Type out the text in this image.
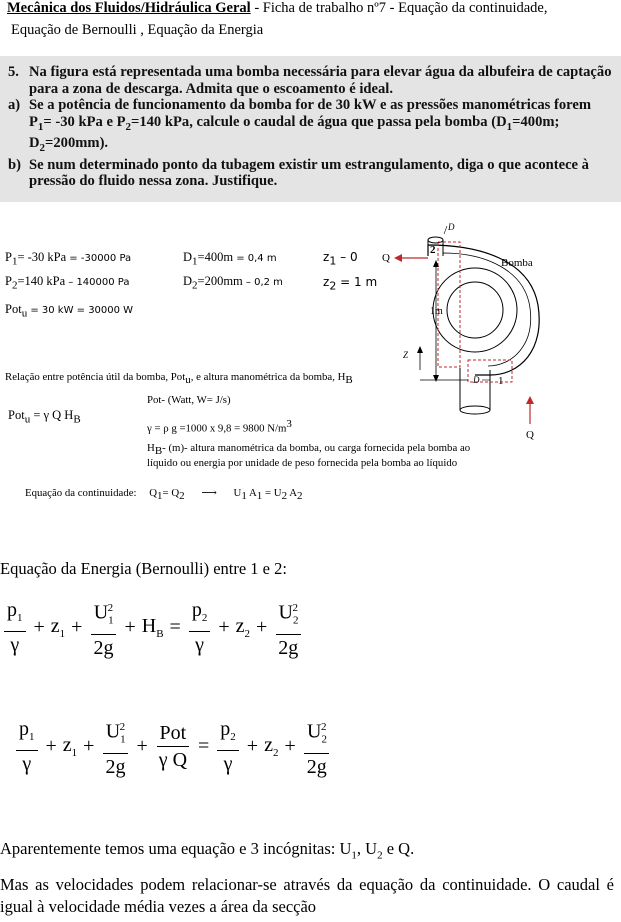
Mecânica dos Fluidos/Hidráulica Geral - Ficha de trabalho nº7 - Equação da continuidade,
Equação de Bernoulli , Equação da Energia
5. Na figura está representada uma bomba necessária para elevar água da albufeira de captação para a zona de descarga. Admita que o escoamento é ideal.
a) Se a potência de funcionamento da bomba for de 30 kW e as pressões manométricas forem $P_1= -30$ kPa e $P_2=140$ kPa, calcule o caudal de água que passa pela bomba ($D_1=400m$; $D_2=200mm$).
b) Se num determinado ponto da tubagem existir um estrangulamento, diga o que acontece à pressão do fluido nessa zona. Justifique.
$P_1= -30$ kPa = -30000 Pa
$P_2=140$ kPa – 140000 Pa
Pot$_u$ = 30 kW = 30000 W
$D_1=400m = 0,4$ m
$D_2=200mm - 0,2$ m
$z_1 - 0$
$z_2 = 1$ m
Q
2
D
Bomba
1m
Z
D 1
Q
Relação entre potência útil da bomba, Pot$_u$, e altura manométrica da bomba, $H_B$
Pot$_u$ = γ Q $H_B$
Pot- (Watt, W= J/s)
γ = ρ g =1000 x 9,8 = 9800 $N/m^3$
$H_B-$ (m)- altura manométrica da bomba, ou carga fornecida pela bomba ao
líquido ou energia por unidade de peso fornecida pela bomba ao líquido
Equação da continuidade: $Q_1= Q_2$ ⟶ $U_1$ $A_1 = U_2$ $A_2$
Equação da Energia (Bernoulli) entre 1 e 2:
$\frac{p_1}{\gamma} + z_1 + \frac{U_1^2}{2g} + H_B = \frac{p_2}{\gamma} + z_2 + \frac{U_2^2}{2g}$
$\frac{p_1}{\gamma} + z_1 + \frac{U_1^2}{2g} + \frac{\text{Pot}}{\text{γ Q}} = \frac{p_2}{\gamma} + z_2 + \frac{U_2^2}{2g}$
Aparentemente temos uma equação e 3 incógnitas: $U_1$, $U_2$ e Q.
Mas as velocidades podem relacionar-se através da equação da continuidade. O caudal é igual à velocidade média vezes a área da secção
